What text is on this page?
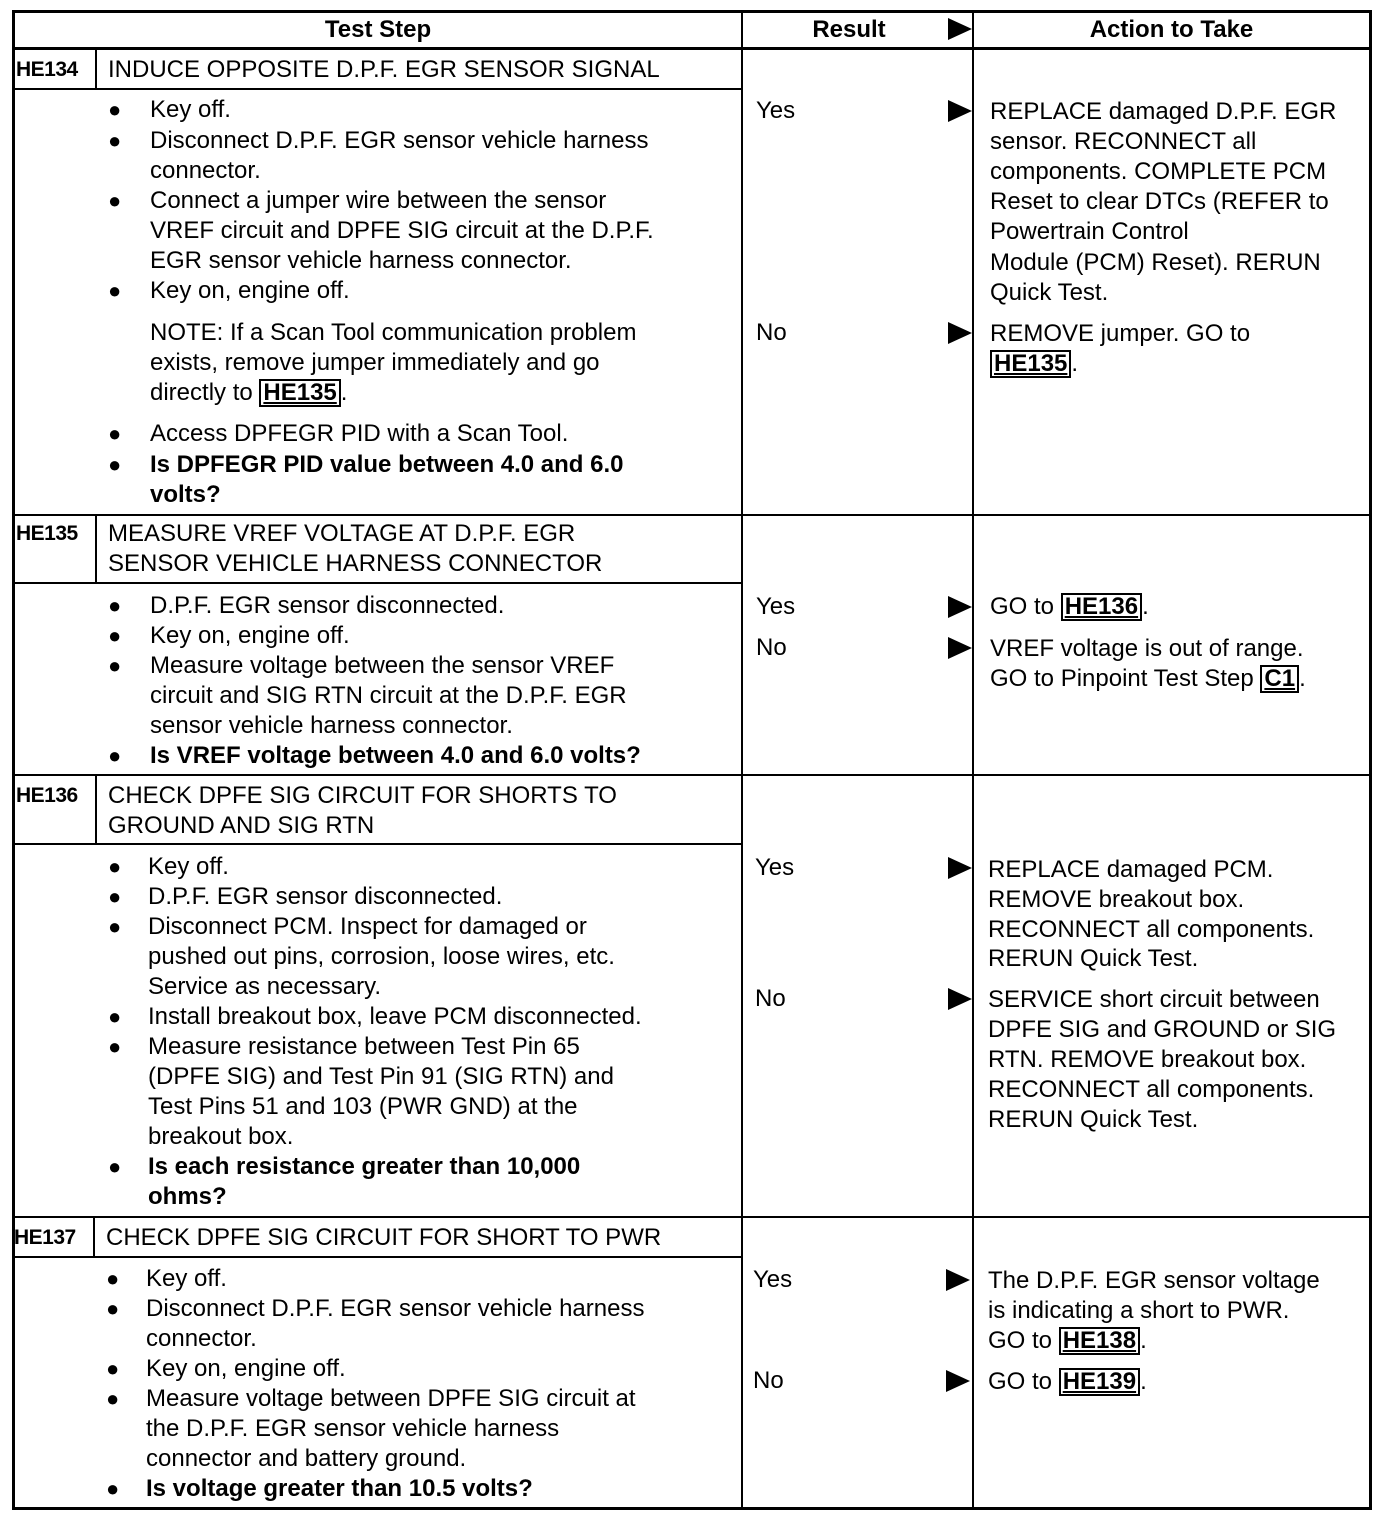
Test Step	Result	Action to Take
HE134 INDUCE OPPOSITE D.P.F. EGR SENSOR SIGNAL
● Key off.
● Disconnect D.P.F. EGR sensor vehicle harness
connector.
● Connect a jumper wire between the sensor
VREF circuit and DPFE SIG circuit at the D.P.F.
EGR sensor vehicle harness connector.
● Key on, engine off.
NOTE: If a Scan Tool communication problem
exists, remove jumper immediately and go
directly to HE135 .
● Access DPFEGR PID with a Scan Tool.
● Is DPFEGR PID value between 4.0 and 6.0
volts?
Yes
No
REPLACE damaged D.P.F. EGR
sensor. RECONNECT all
components. COMPLETE PCM
Reset to clear DTCs (REFER to
Powertrain Control
Module (PCM) Reset). RERUN
Quick Test.
REMOVE jumper. GO to
HE135 .
HE135 MEASURE VREF VOLTAGE AT D.P.F. EGR
SENSOR VEHICLE HARNESS CONNECTOR
● D.P.F. EGR sensor disconnected.
● Key on, engine off.
● Measure voltage between the sensor VREF
circuit and SIG RTN circuit at the D.P.F. EGR
sensor vehicle harness connector.
● Is VREF voltage between 4.0 and 6.0 volts?
Yes
No
GO to HE136 .
VREF voltage is out of range.
GO to Pinpoint Test Step C1 .
HE136 CHECK DPFE SIG CIRCUIT FOR SHORTS TO
GROUND AND SIG RTN
● Key off.
● D.P.F. EGR sensor disconnected.
● Disconnect PCM. Inspect for damaged or
pushed out pins, corrosion, loose wires, etc.
Service as necessary.
● Install breakout box, leave PCM disconnected.
● Measure resistance between Test Pin 65
(DPFE SIG) and Test Pin 91 (SIG RTN) and
Test Pins 51 and 103 (PWR GND) at the
breakout box.
● Is each resistance greater than 10,000
ohms?
Yes
No
REPLACE damaged PCM.
REMOVE breakout box.
RECONNECT all components.
RERUN Quick Test.
SERVICE short circuit between
DPFE SIG and GROUND or SIG
RTN. REMOVE breakout box.
RECONNECT all components.
RERUN Quick Test.
HE137 CHECK DPFE SIG CIRCUIT FOR SHORT TO PWR
● Key off.
● Disconnect D.P.F. EGR sensor vehicle harness
connector.
● Key on, engine off.
● Measure voltage between DPFE SIG circuit at
the D.P.F. EGR sensor vehicle harness
connector and battery ground.
● Is voltage greater than 10.5 volts?
Yes
No
The D.P.F. EGR sensor voltage
is indicating a short to PWR.
GO to HE138 .
GO to HE139 .
